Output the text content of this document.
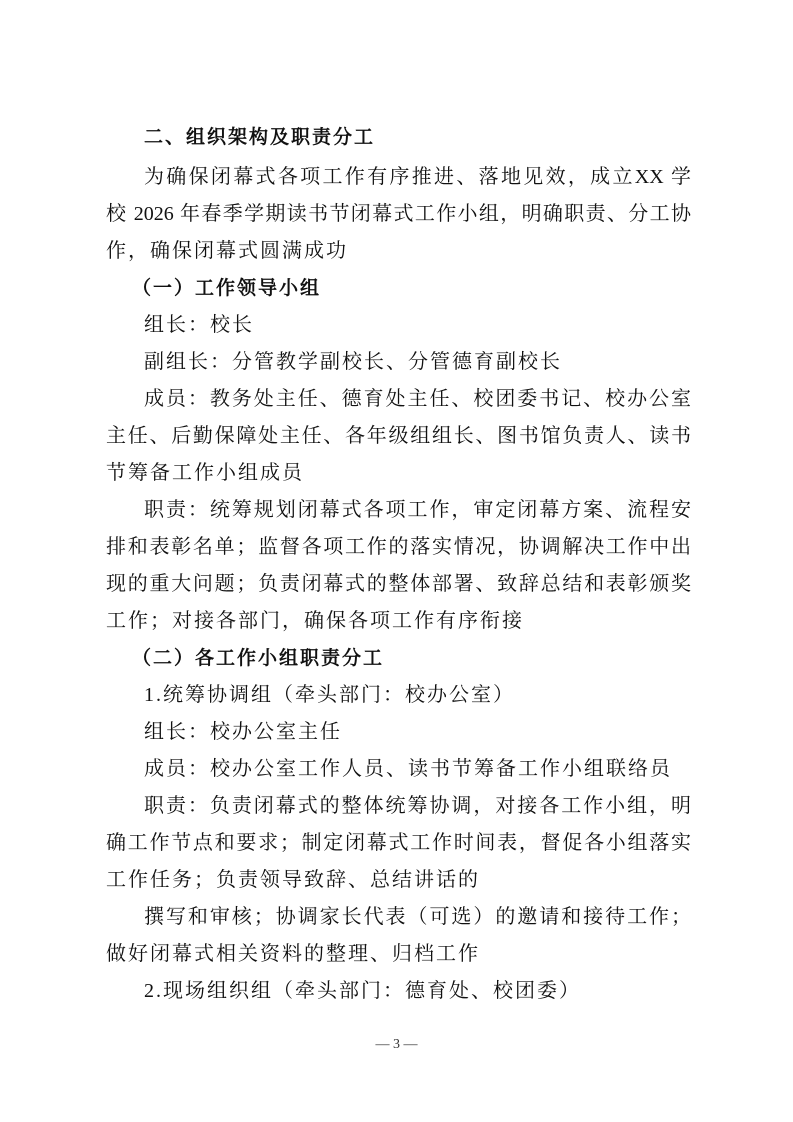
二、组织架构及职责分工
为确保闭幕式各项工作有序推进、落地见效，成立XX 学
校 2026 年春季学期读书节闭幕式工作小组，明确职责、分工协
作，确保闭幕式圆满成功
（一）工作领导小组
组长：校长
副组长：分管教学副校长、分管德育副校长
成员：教务处主任、德育处主任、校团委书记、校办公室
主任、后勤保障处主任、各年级组组长、图书馆负责人、读书
节筹备工作小组成员
职责：统筹规划闭幕式各项工作，审定闭幕方案、流程安
排和表彰名单；监督各项工作的落实情况，协调解决工作中出
现的重大问题；负责闭幕式的整体部署、致辞总结和表彰颁奖
工作；对接各部门，确保各项工作有序衔接
（二）各工作小组职责分工
1.统筹协调组（牵头部门：校办公室）
组长：校办公室主任
成员：校办公室工作人员、读书节筹备工作小组联络员
职责：负责闭幕式的整体统筹协调，对接各工作小组，明
确工作节点和要求；制定闭幕式工作时间表，督促各小组落实
工作任务；负责领导致辞、总结讲话的
撰写和审核；协调家长代表（可选）的邀请和接待工作；
做好闭幕式相关资料的整理、归档工作
2.现场组织组（牵头部门：德育处、校团委）
— 3 —
